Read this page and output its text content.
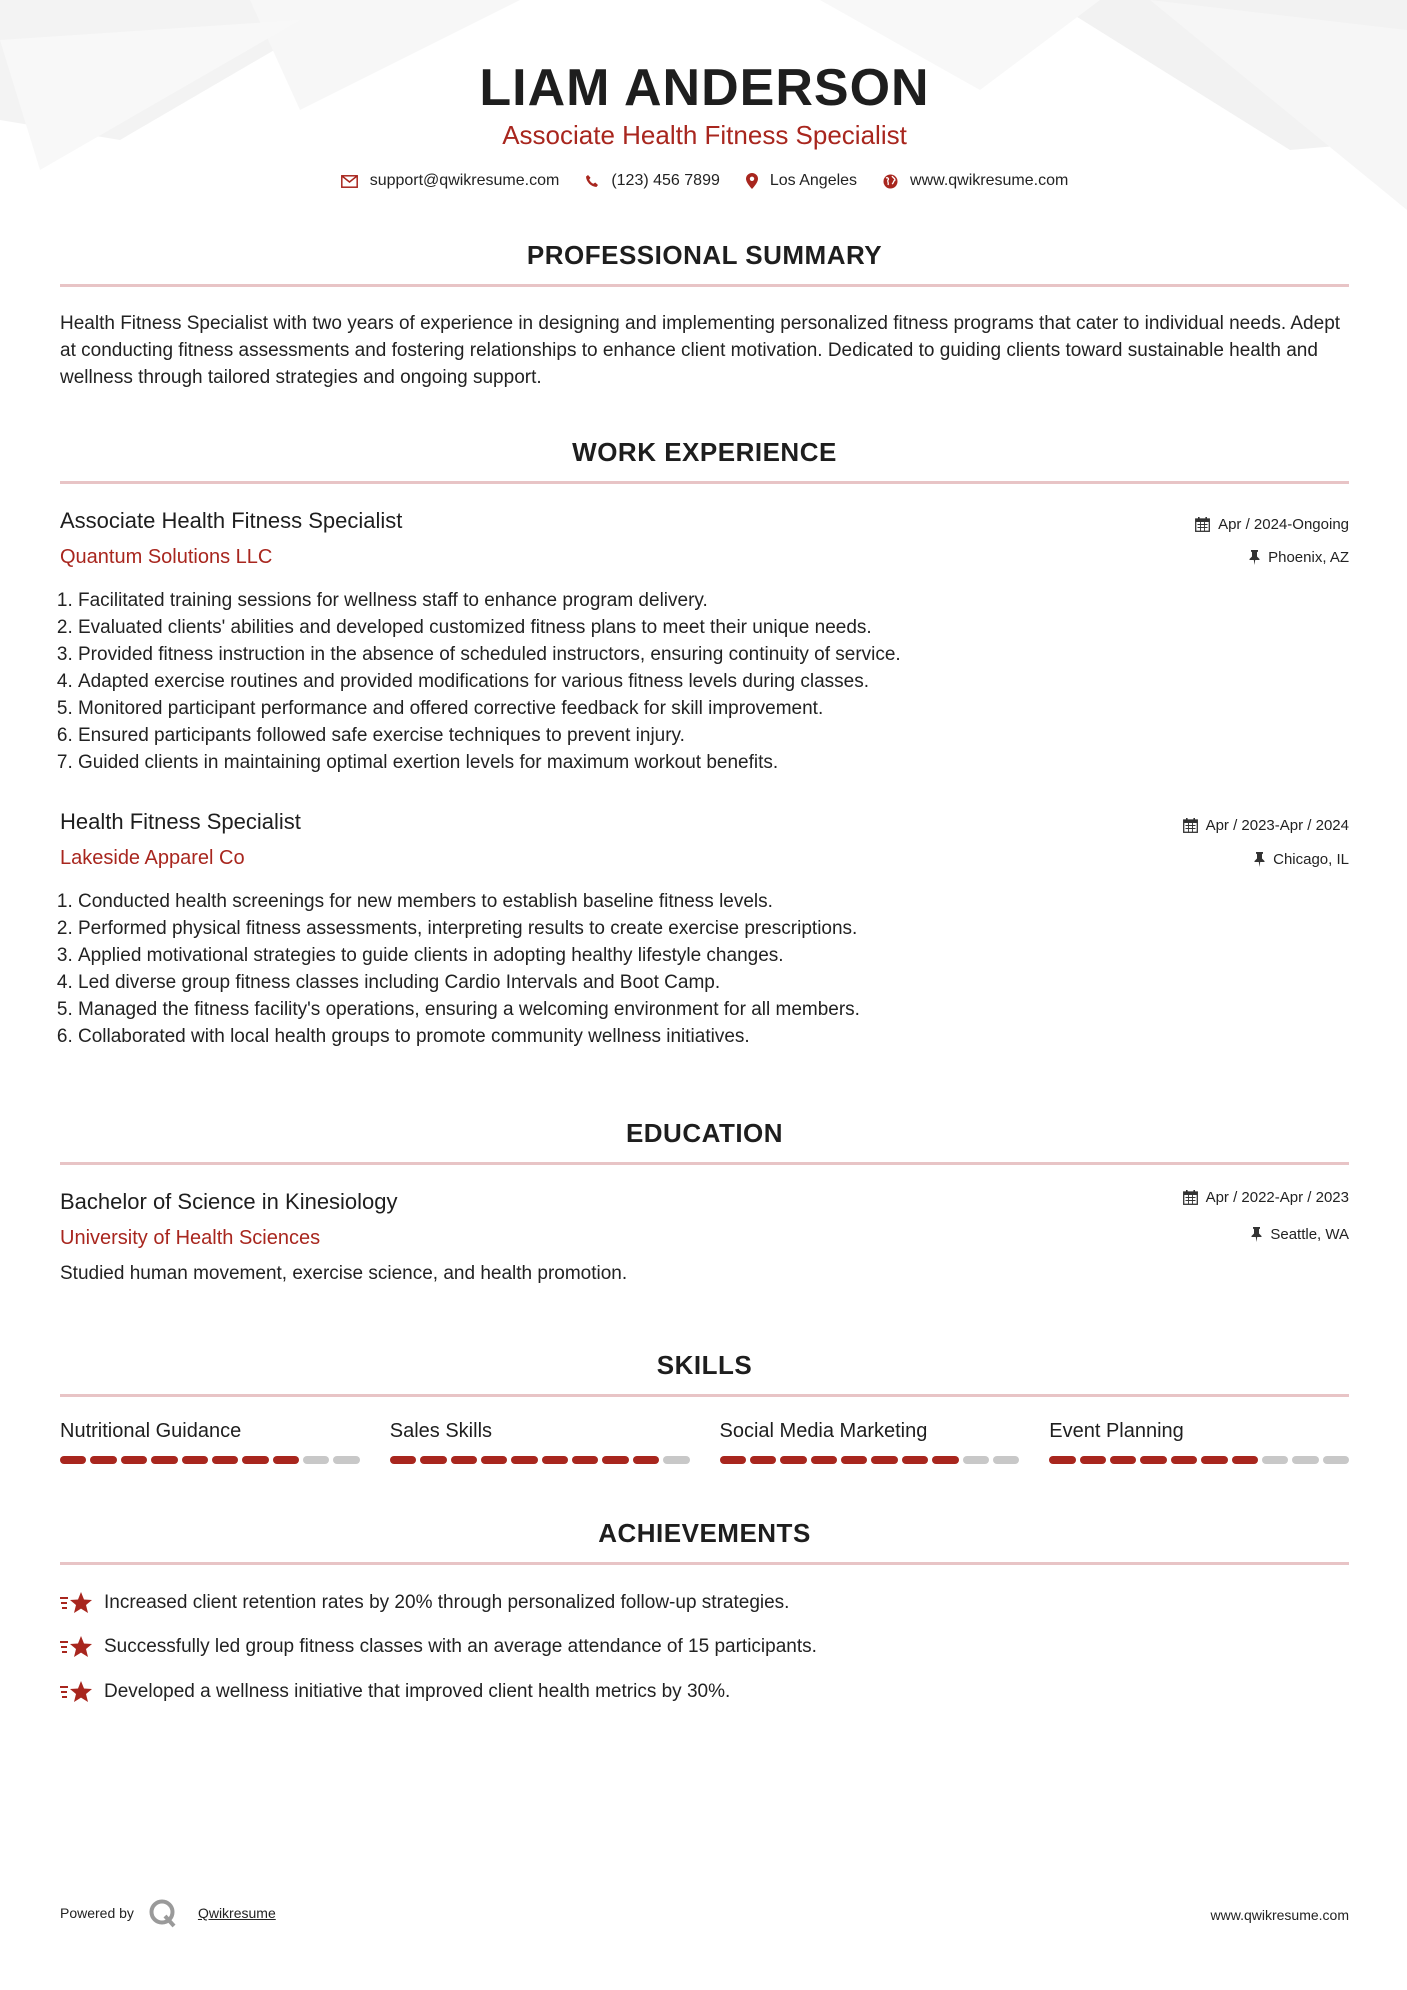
LIAM ANDERSON
Associate Health Fitness Specialist
support@qwikresume.com	(123) 456 7899	Los Angeles	www.qwikresume.com
PROFESSIONAL SUMMARY
Health Fitness Specialist with two years of experience in designing and implementing personalized fitness programs that cater to individual needs. Adept at conducting fitness assessments and fostering relationships to enhance client motivation. Dedicated to guiding clients toward sustainable health and wellness through tailored strategies and ongoing support.
WORK EXPERIENCE
Associate Health Fitness Specialist
Quantum Solutions LLC
Apr / 2024-Ongoing
Phoenix, AZ
1. Facilitated training sessions for wellness staff to enhance program delivery.
2. Evaluated clients' abilities and developed customized fitness plans to meet their unique needs.
3. Provided fitness instruction in the absence of scheduled instructors, ensuring continuity of service.
4. Adapted exercise routines and provided modifications for various fitness levels during classes.
5. Monitored participant performance and offered corrective feedback for skill improvement.
6. Ensured participants followed safe exercise techniques to prevent injury.
7. Guided clients in maintaining optimal exertion levels for maximum workout benefits.
Health Fitness Specialist
Lakeside Apparel Co
Apr / 2023-Apr / 2024
Chicago, IL
1. Conducted health screenings for new members to establish baseline fitness levels.
2. Performed physical fitness assessments, interpreting results to create exercise prescriptions.
3. Applied motivational strategies to guide clients in adopting healthy lifestyle changes.
4. Led diverse group fitness classes including Cardio Intervals and Boot Camp.
5. Managed the fitness facility's operations, ensuring a welcoming environment for all members.
6. Collaborated with local health groups to promote community wellness initiatives.
EDUCATION
Bachelor of Science in Kinesiology
University of Health Sciences
Apr / 2022-Apr / 2023
Seattle, WA
Studied human movement, exercise science, and health promotion.
SKILLS
Nutritional Guidance	Sales Skills	Social Media Marketing	Event Planning
ACHIEVEMENTS
Increased client retention rates by 20% through personalized follow-up strategies.
Successfully led group fitness classes with an average attendance of 15 participants.
Developed a wellness initiative that improved client health metrics by 30%.
Powered by	Qwikresume	www.qwikresume.com
